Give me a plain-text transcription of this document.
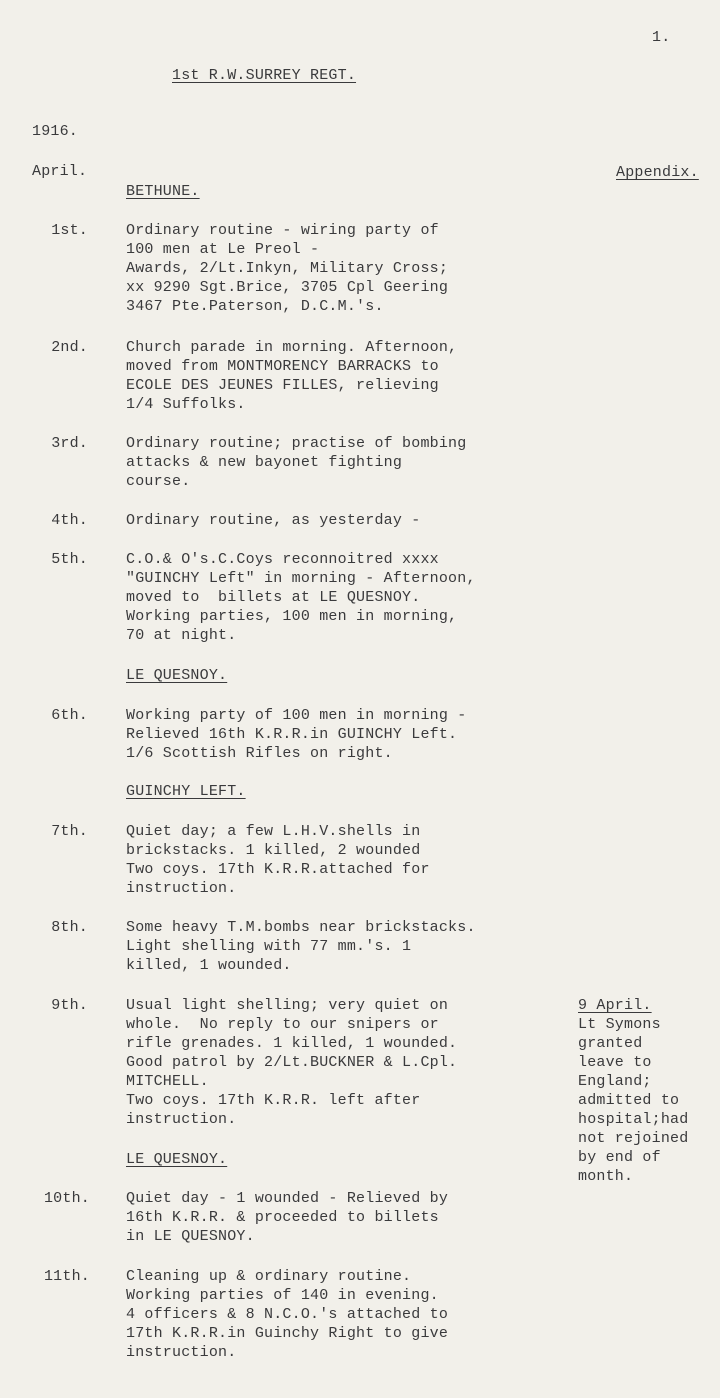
1.
1st R.W.SURREY REGT.
1916.
April.	Appendix.
BETHUNE.
1st.	Ordinary routine - wiring party of
100 men at Le Preol -
Awards, 2/Lt.Inkyn, Military Cross;
xx 9290 Sgt.Brice, 3705 Cpl Geering
3467 Pte.Paterson, D.C.M.'s.
2nd.	Church parade in morning. Afternoon,
moved from MONTMORENCY BARRACKS to
ECOLE DES JEUNES FILLES, relieving
1/4 Suffolks.
3rd.	Ordinary routine; practise of bombing
attacks & new bayonet fighting
course.
4th.	Ordinary routine, as yesterday -
5th.	C.O.& O's.C.Coys reconnoitred xxxx
"GUINCHY Left" in morning - Afternoon,
moved to  billets at LE QUESNOY.
Working parties, 100 men in morning,
70 at night.
LE QUESNOY.
6th.	Working party of 100 men in morning -
Relieved 16th K.R.R.in GUINCHY Left.
1/6 Scottish Rifles on right.
GUINCHY LEFT.
7th.	Quiet day; a few L.H.V.shells in
brickstacks. 1 killed, 2 wounded
Two coys. 17th K.R.R.attached for
instruction.
8th.	Some heavy T.M.bombs near brickstacks.
Light shelling with 77 mm.'s. 1
killed, 1 wounded.
9th.	Usual light shelling; very quiet on
whole.  No reply to our snipers or
rifle grenades. 1 killed, 1 wounded.
Good patrol by 2/Lt.BUCKNER & L.Cpl.
MITCHELL.
Two coys. 17th K.R.R. left after
instruction.
9 April.
Lt Symons
granted
leave to
England;
admitted to
hospital;had
not rejoined
by end of
month.
LE QUESNOY.
10th. Quiet day - 1 wounded - Relieved by
16th K.R.R. & proceeded to billets
in LE QUESNOY.
11th. Cleaning up & ordinary routine.
Working parties of 140 in evening.
4 officers & 8 N.C.O.'s attached to
17th K.R.R.in Guinchy Right to give
instruction.
